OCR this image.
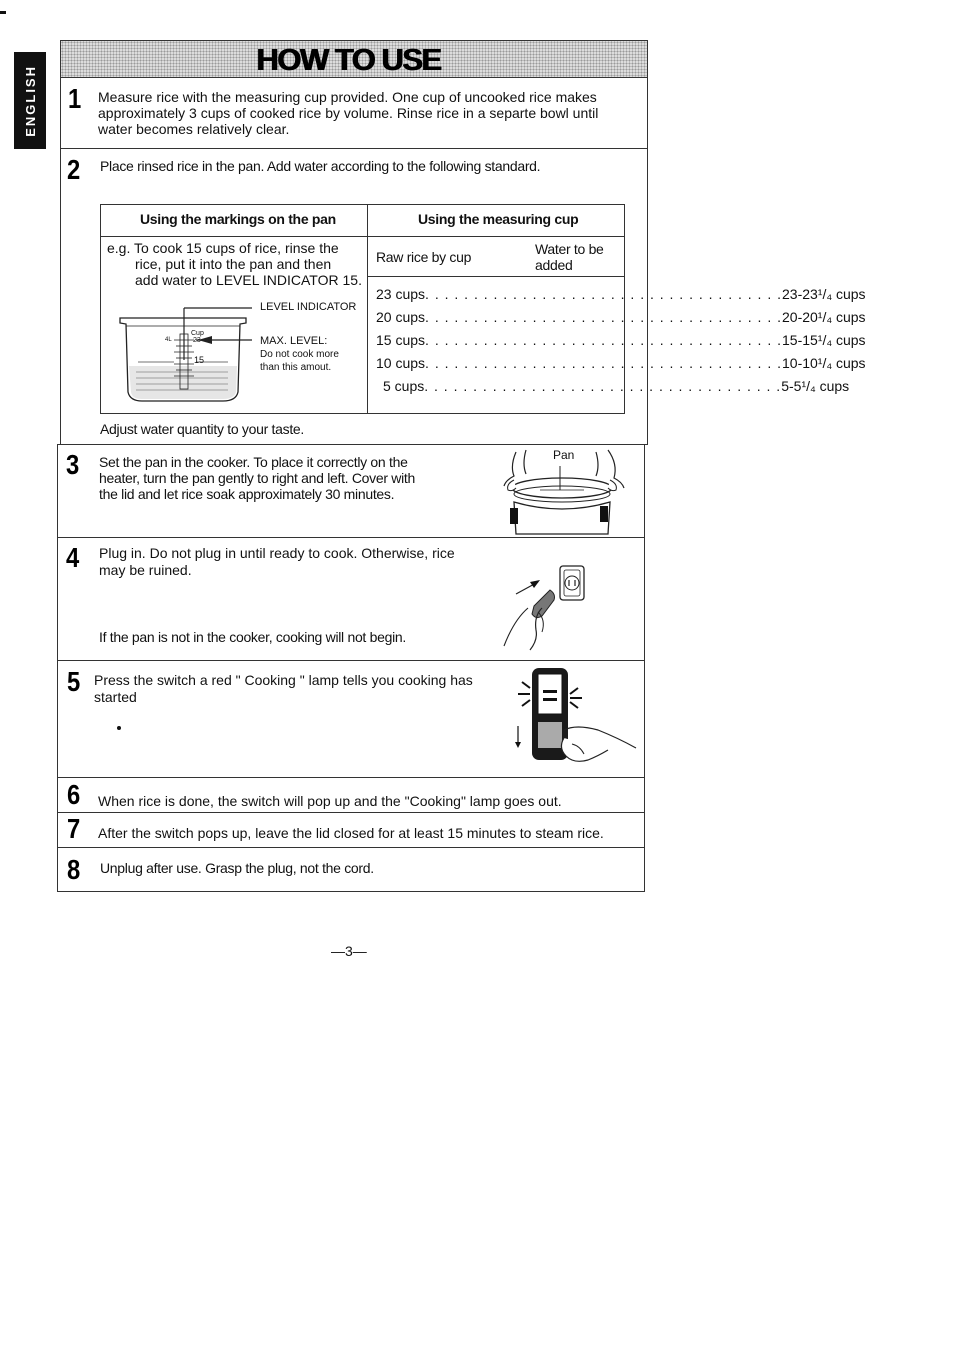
ENGLISH
HOW TO USE
1 Measure rice with the measuring cup provided. One cup of uncooked rice makes
approximately 3 cups of cooked rice by volume. Rinse rice in a separte bowl until
water becomes relatively clear.
2 Place rinsed rice in the pan. Add water according to the following standard.
Using the markings on the pan	Using the measuring cup
e.g. To cook 15 cups of rice, rinse the
rice, put it into the pan and then
add water to LEVEL INDICATOR 15.
LEVEL INDICATOR
MAX. LEVEL:
Do not cook more
than this amout.
Cup
23
4L
15
Raw rice by cup	Water to be
added
23 cups . . . . . . . . . . . . . . . . . . . . . . . . . . . . . . . . . . . . . 23-23¹/₄ cups
20 cups . . . . . . . . . . . . . . . . . . . . . . . . . . . . . . . . . . . . . 20-20¹/₄ cups
15 cups . . . . . . . . . . . . . . . . . . . . . . . . . . . . . . . . . . . . . 15-15¹/₄ cups
10 cups . . . . . . . . . . . . . . . . . . . . . . . . . . . . . . . . . . . . . 10-10¹/₄ cups
5 cups . . . . . . . . . . . . . . . . . . . . . . . . . . . . . . . . . . . . . 5-5¹/₄ cups
Adjust water quantity to your taste.
3 Set the pan in the cooker. To place it correctly on the
heater, turn the pan gently to right and left. Cover with
the lid and let rice soak approximately 30 minutes.
Pan
4 Plug in. Do not plug in until ready to cook. Otherwise, rice
may be ruined.
If the pan is not in the cooker, cooking will not begin.
5 Press the switch a red " Cooking " lamp tells you cooking has
started
6 When rice is done, the switch will pop up and the "Cooking" lamp goes out.
7 After the switch pops up, leave the lid closed for at least 15 minutes to steam rice.
8 Unplug after use. Grasp the plug, not the cord.
—3—
